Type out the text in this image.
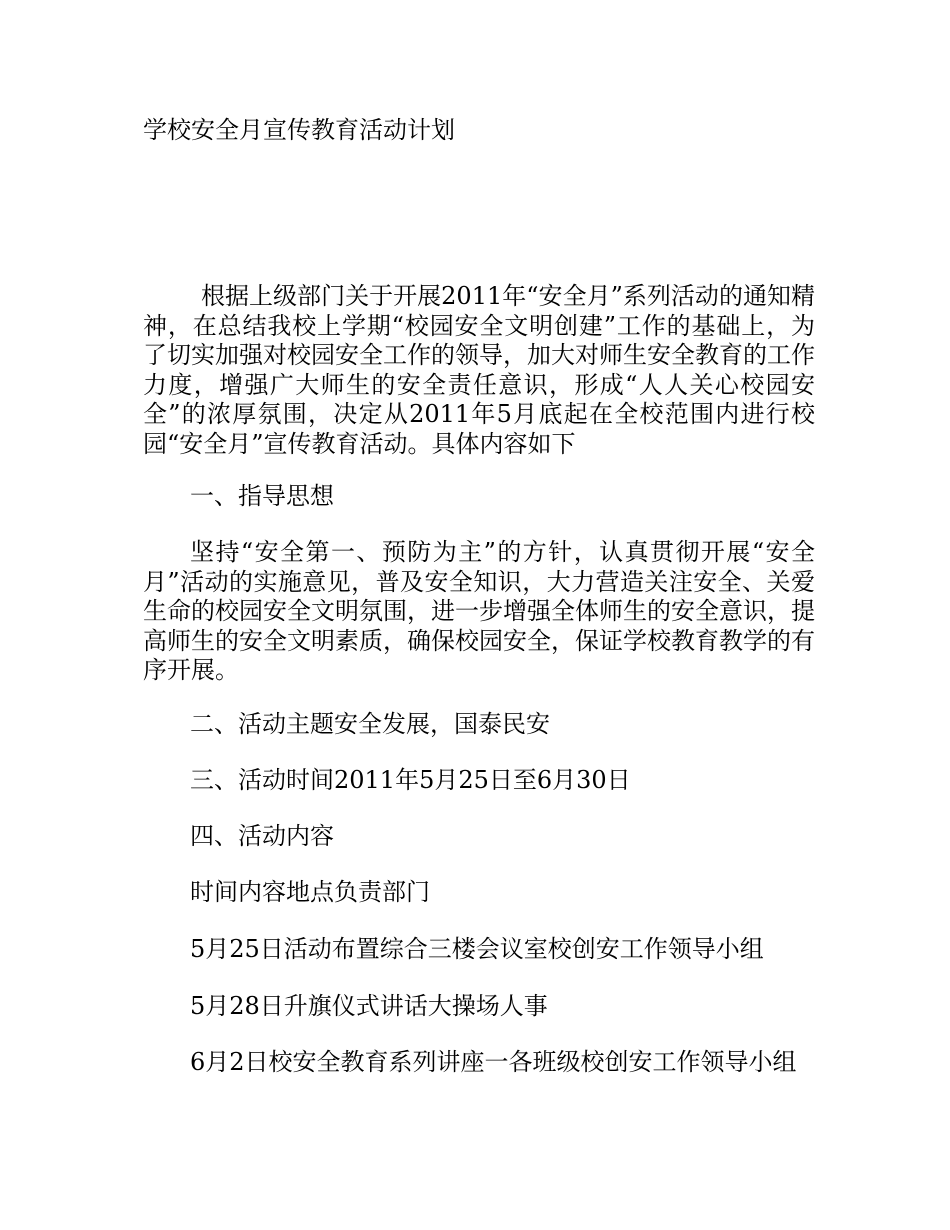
学校安全月宣传教育活动计划

根据上级部门关于开展2011年“安全月”系列活动的通知精神，在总结我校上学期“校园安全文明创建”工作的基础上，为了切实加强对校园安全工作的领导，加大对师生安全教育的工作力度，增强广大师生的安全责任意识，形成“人人关心校园安全”的浓厚氛围，决定从2011年5月底起在全校范围内进行校园“安全月”宣传教育活动。具体内容如下

一、指导思想

坚持“安全第一、预防为主”的方针，认真贯彻开展“安全月”活动的实施意见，普及安全知识，大力营造关注安全、关爱生命的校园安全文明氛围，进一步增强全体师生的安全意识，提高师生的安全文明素质，确保校园安全，保证学校教育教学的有序开展。

二、活动主题安全发展，国泰民安
三、活动时间2011年5月25日至6月30日
四、活动内容
时间内容地点负责部门
5月25日活动布置综合三楼会议室校创安工作领导小组
5月28日升旗仪式讲话大操场人事

6月2日校安全教育系列讲座一各班级校创安工作领导小组
